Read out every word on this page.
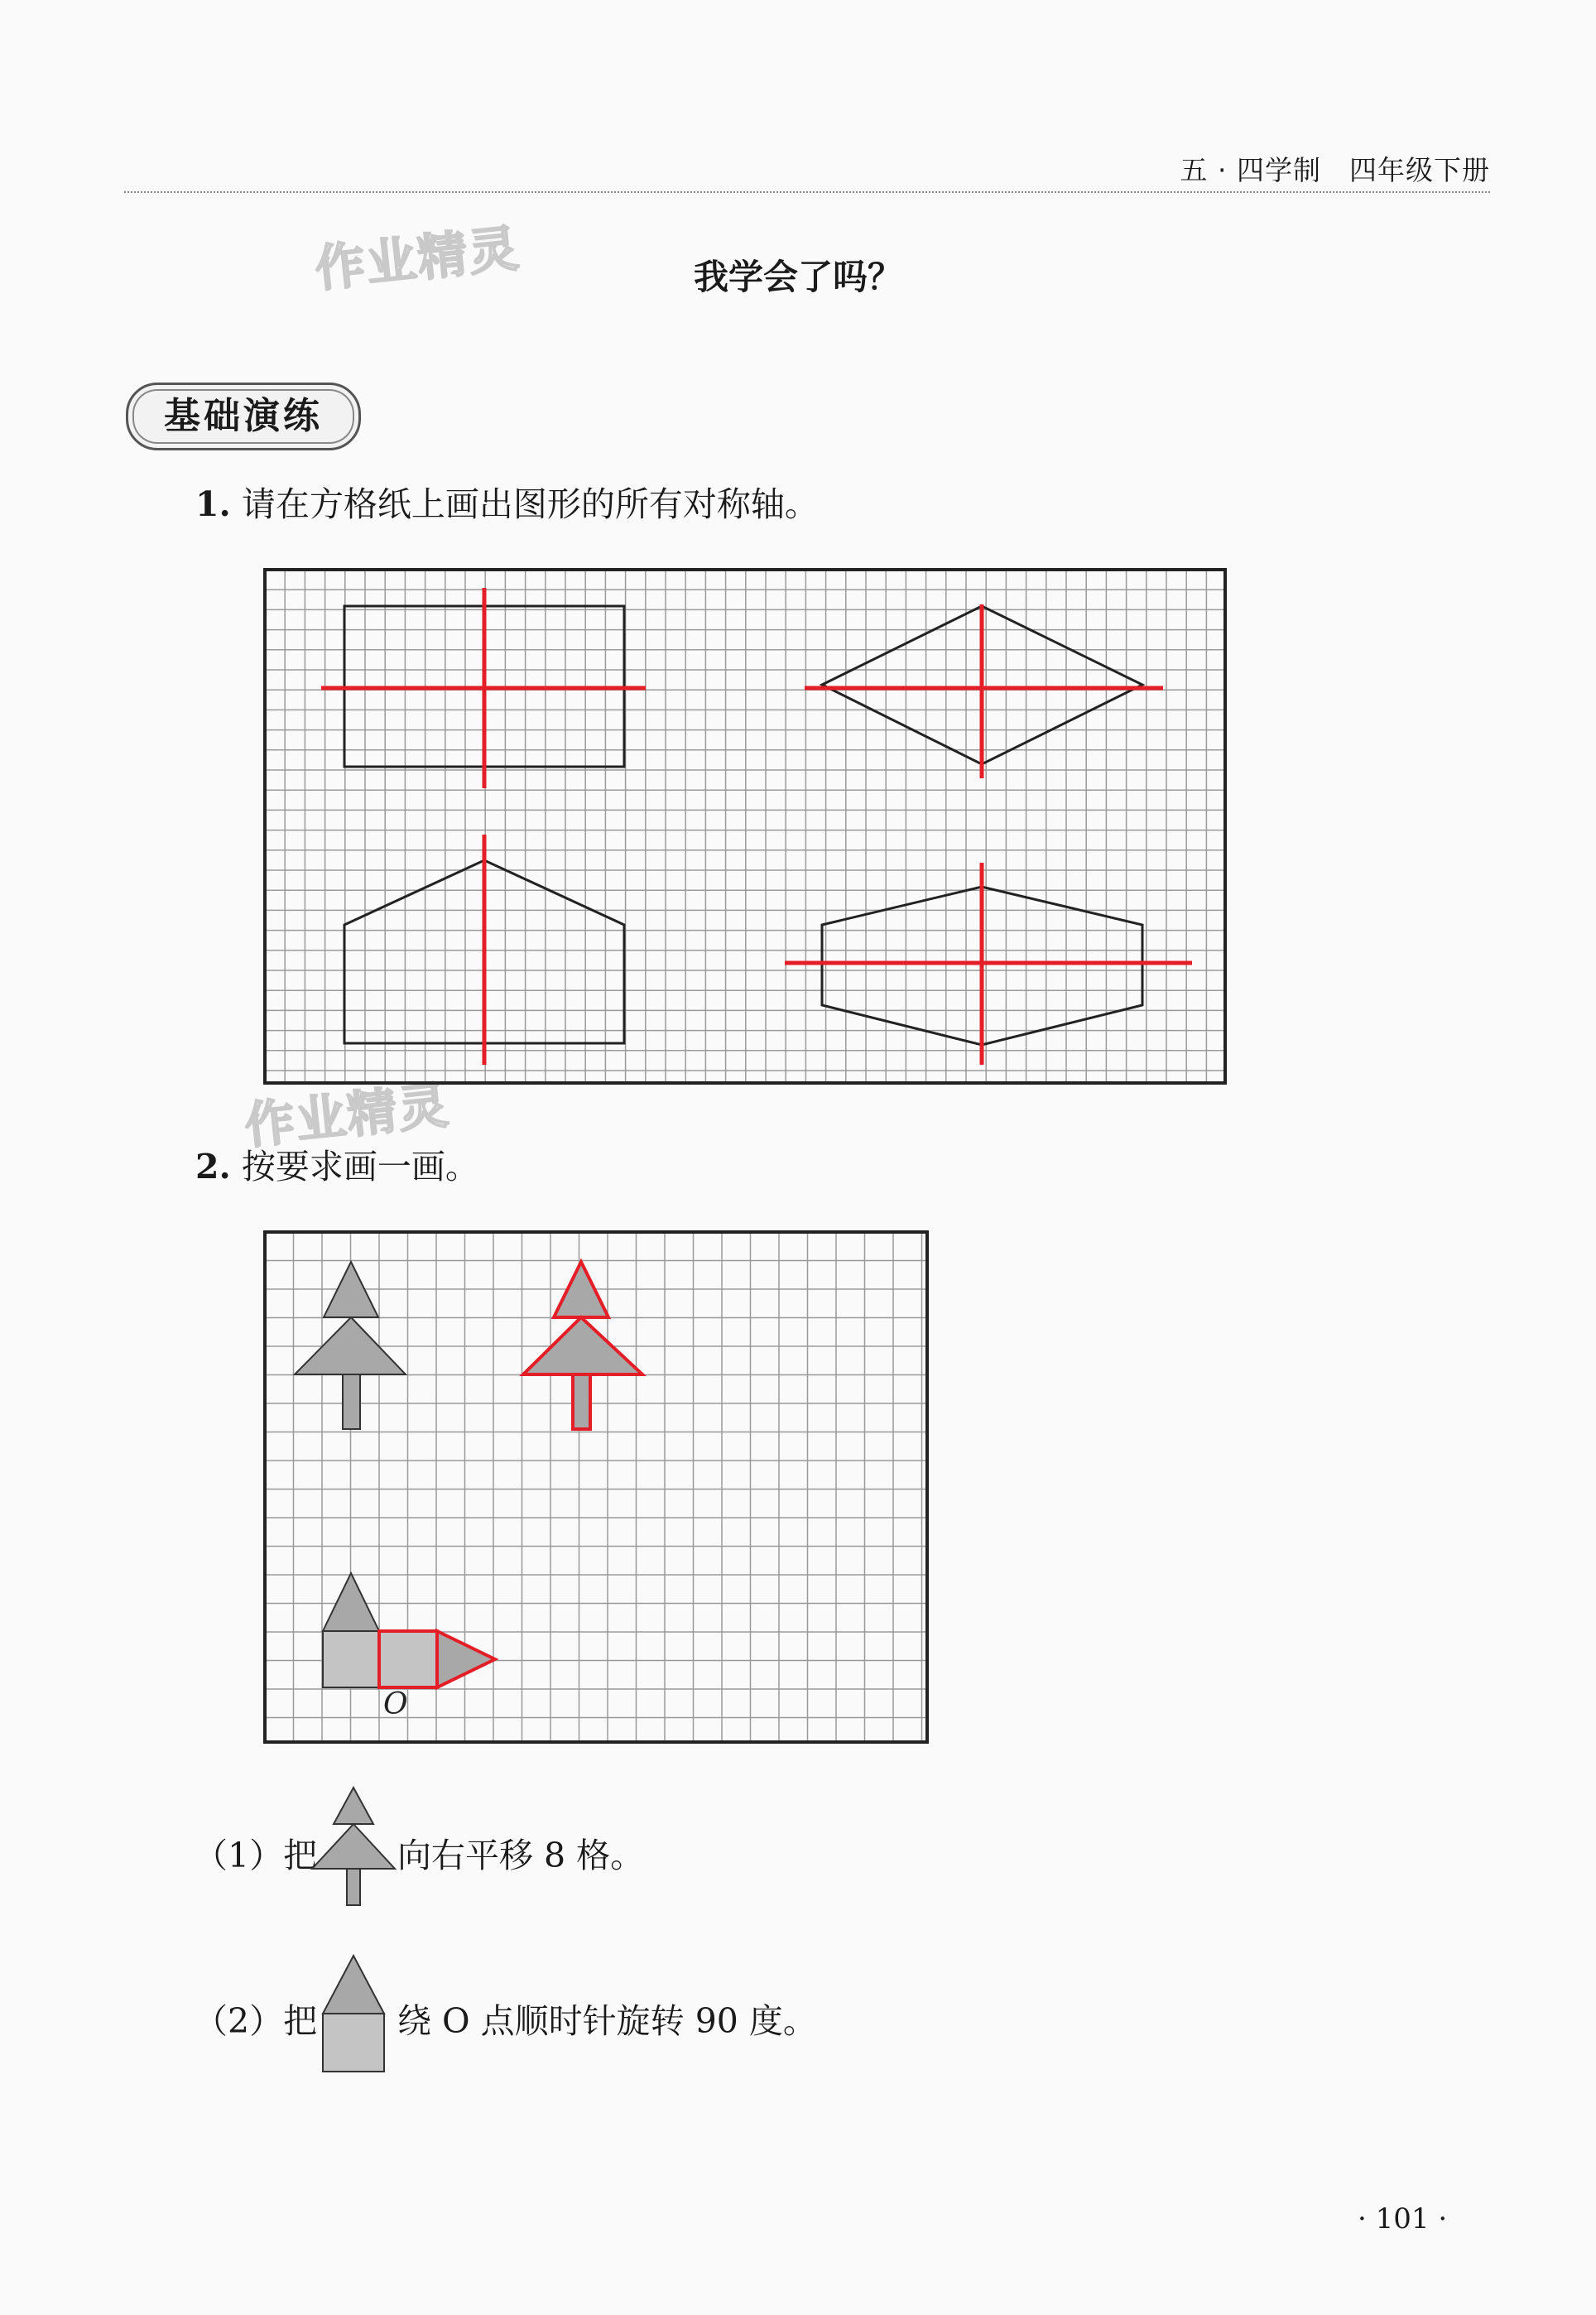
五 · 四学制　四年级下册
作业精灵
作业精灵
我学会了吗？
基础演练
1. 请在方格纸上画出图形的所有对称轴。
2. 按要求画一画。
O
（1）把 向右平移 8 格。
（2）把 绕 O 点顺时针旋转 90 度。
· 101 ·
